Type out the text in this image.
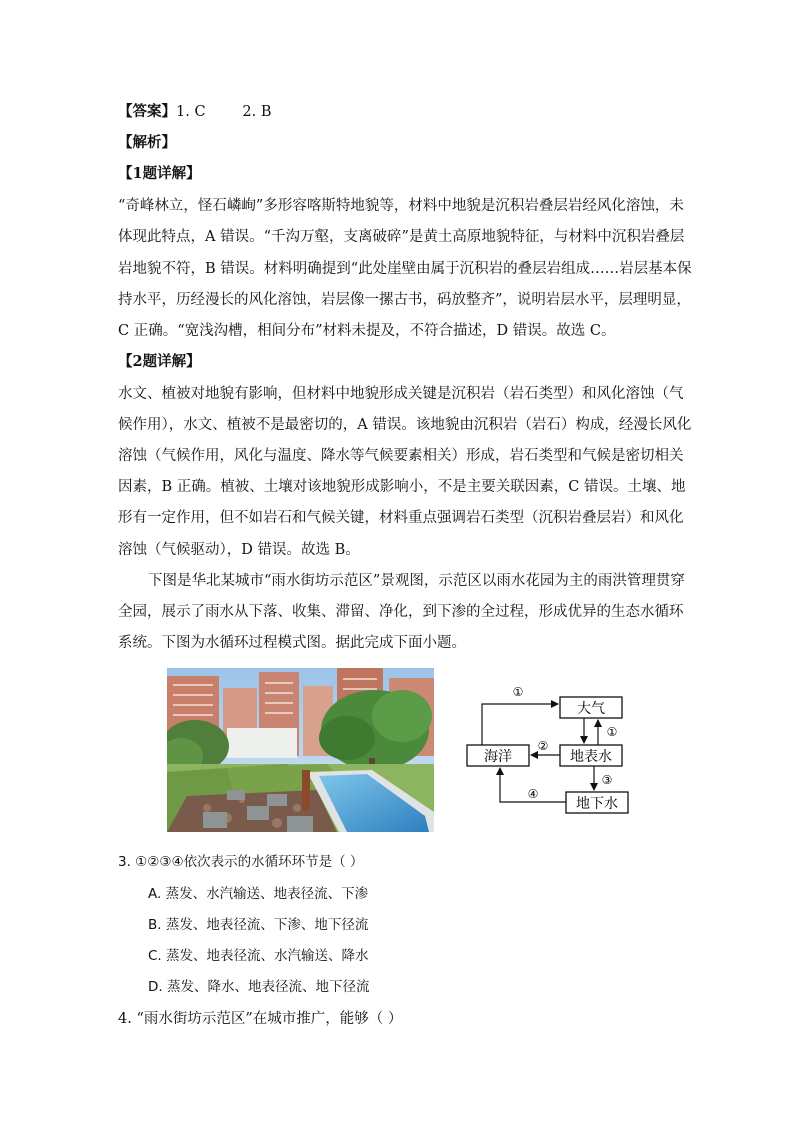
【答案】1. C        2. B
【解析】
【1题详解】
“奇峰林立，怪石嶙峋”多形容喀斯特地貌等，材料中地貌是沉积岩叠层岩经风化溶蚀，未
体现此特点，A 错误。“千沟万壑，支离破碎”是黄土高原地貌特征，与材料中沉积岩叠层
岩地貌不符，B 错误。材料明确提到“此处崖壁由属于沉积岩的叠层岩组成……岩层基本保
持水平，历经漫长的风化溶蚀，岩层像一摞古书，码放整齐”，说明岩层水平，层理明显，
C 正确。“宽浅沟槽，相间分布”材料未提及，不符合描述，D 错误。故选 C。
【2题详解】
水文、植被对地貌有影响，但材料中地貌形成关键是沉积岩（岩石类型）和风化溶蚀（气
候作用），水文、植被不是最密切的，A 错误。该地貌由沉积岩（岩石）构成，经漫长风化
溶蚀（气候作用，风化与温度、降水等气候要素相关）形成，岩石类型和气候是密切相关
因素，B 正确。植被、土壤对该地貌形成影响小，不是主要关联因素，C 错误。土壤、地
形有一定作用，但不如岩石和气候关键，材料重点强调岩石类型（沉积岩叠层岩）和风化
溶蚀（气候驱动），D 错误。故选 B。
下图是华北某城市“雨水街坊示范区”景观图，示范区以雨水花园为主的雨洪管理贯穿
全园，展示了雨水从下落、收集、滞留、净化，到下渗的全过程，形成优异的生态水循环
系统。下图为水循环过程模式图。据此完成下面小题。
大气
海洋	地表水
地下水
①
①
②
③
④
3. ①②③④依次表示的水循环环节是（ ）
A. 蒸发、水汽输送、地表径流、下渗
B. 蒸发、地表径流、下渗、地下径流
C. 蒸发、地表径流、水汽输送、降水
D. 蒸发、降水、地表径流、地下径流
4. “雨水街坊示范区”在城市推广，能够（ ）
